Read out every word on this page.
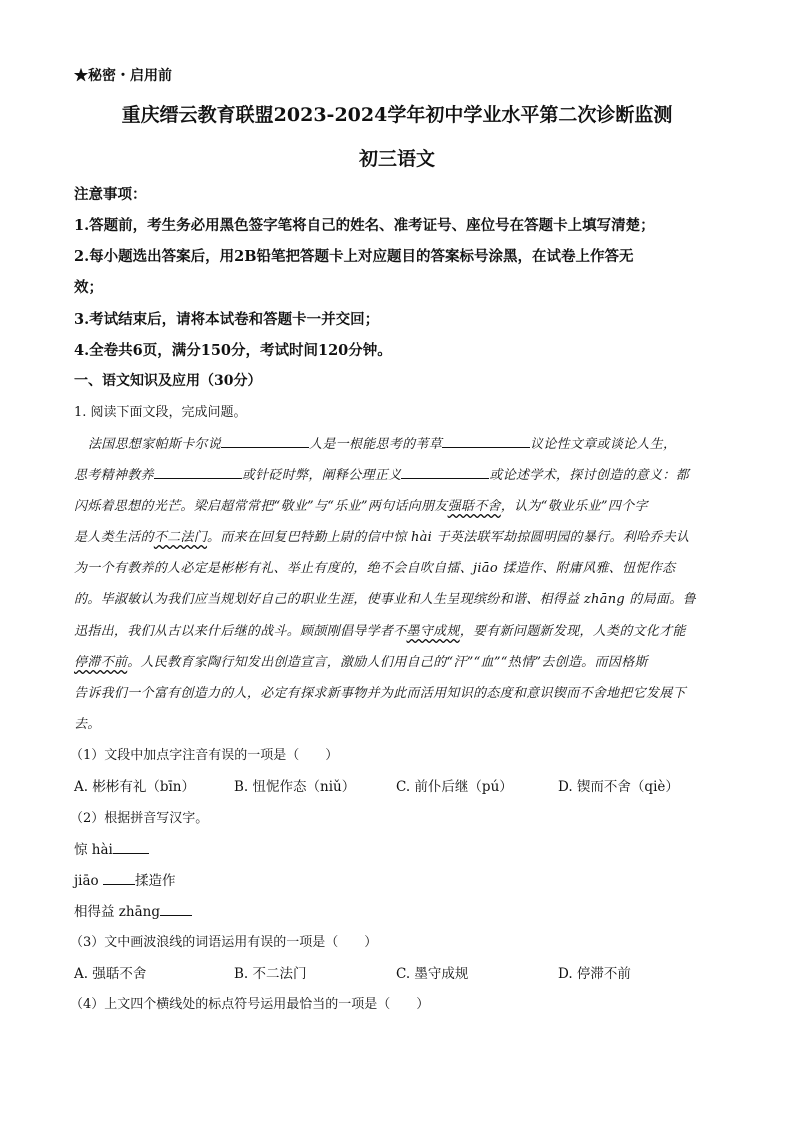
★秘密・启用前
重庆缙云教育联盟2023-2024学年初中学业水平第二次诊断监测
初三语文
注意事项：
1.答题前，考生务必用黑色签字笔将自己的姓名、准考证号、座位号在答题卡上填写清楚；
2.每小题选出答案后，用2B铅笔把答题卡上对应题目的答案标号涂黑，在试卷上作答无
效；
3.考试结束后，请将本试卷和答题卡一并交回；
4.全卷共6页，满分150分，考试时间120分钟。
一、语文知识及应用（30分）
1. 阅读下面文段，完成问题。
法国思想家帕斯卡尔说	人是一根能思考的苇草	议论性文章或谈论人生，
思考精神教养	或针砭时弊，阐释公理正义	或论述学术，探讨创造的意义：都
闪烁着思想的光芒。梁启超常常把“敬业”与“乐业”两句话向朋友强聒不舍，认为“敬业乐业”四个字
是人类生活的不二法门。而来在回复巴特勤上尉的信中惊 hài 于英法联军劫掠圆明园的暴行。利哈乔夫认
为一个有教养的人必定是彬彬有礼、举止有度的，绝不会自吹自擂、jiāo 揉造作、附庸风雅、忸怩作态
的。毕淑敏认为我们应当规划好自己的职业生涯，使事业和人生呈现缤纷和谐、相得益 zhāng 的局面。鲁
迅指出，我们从古以来什后继的战斗。顾颉刚倡导学者不墨守成规，要有新问题新发现，人类的文化才能
停滞不前。人民教育家陶行知发出创造宣言，激励人们用自己的“汗”“血”“热情”去创造。而因格斯
告诉我们一个富有创造力的人，必定有探求新事物并为此而活用知识的态度和意识锲而不舍地把它发展下
去。
（1）文段中加点字注音有误的一项是（　　）
A. 彬彬有礼（bīn）	B. 忸怩作态（niǔ）	C. 前仆后继（pú）	D. 锲而不舍（qiè）
（2）根据拼音写汉字。
惊 hài
jiāo 揉造作
相得益 zhāng
（3）文中画波浪线的词语运用有误的一项是（　　）
A. 强聒不舍	B. 不二法门	C. 墨守成规	D. 停滞不前
（4）上文四个横线处的标点符号运用最恰当的一项是（　　）
